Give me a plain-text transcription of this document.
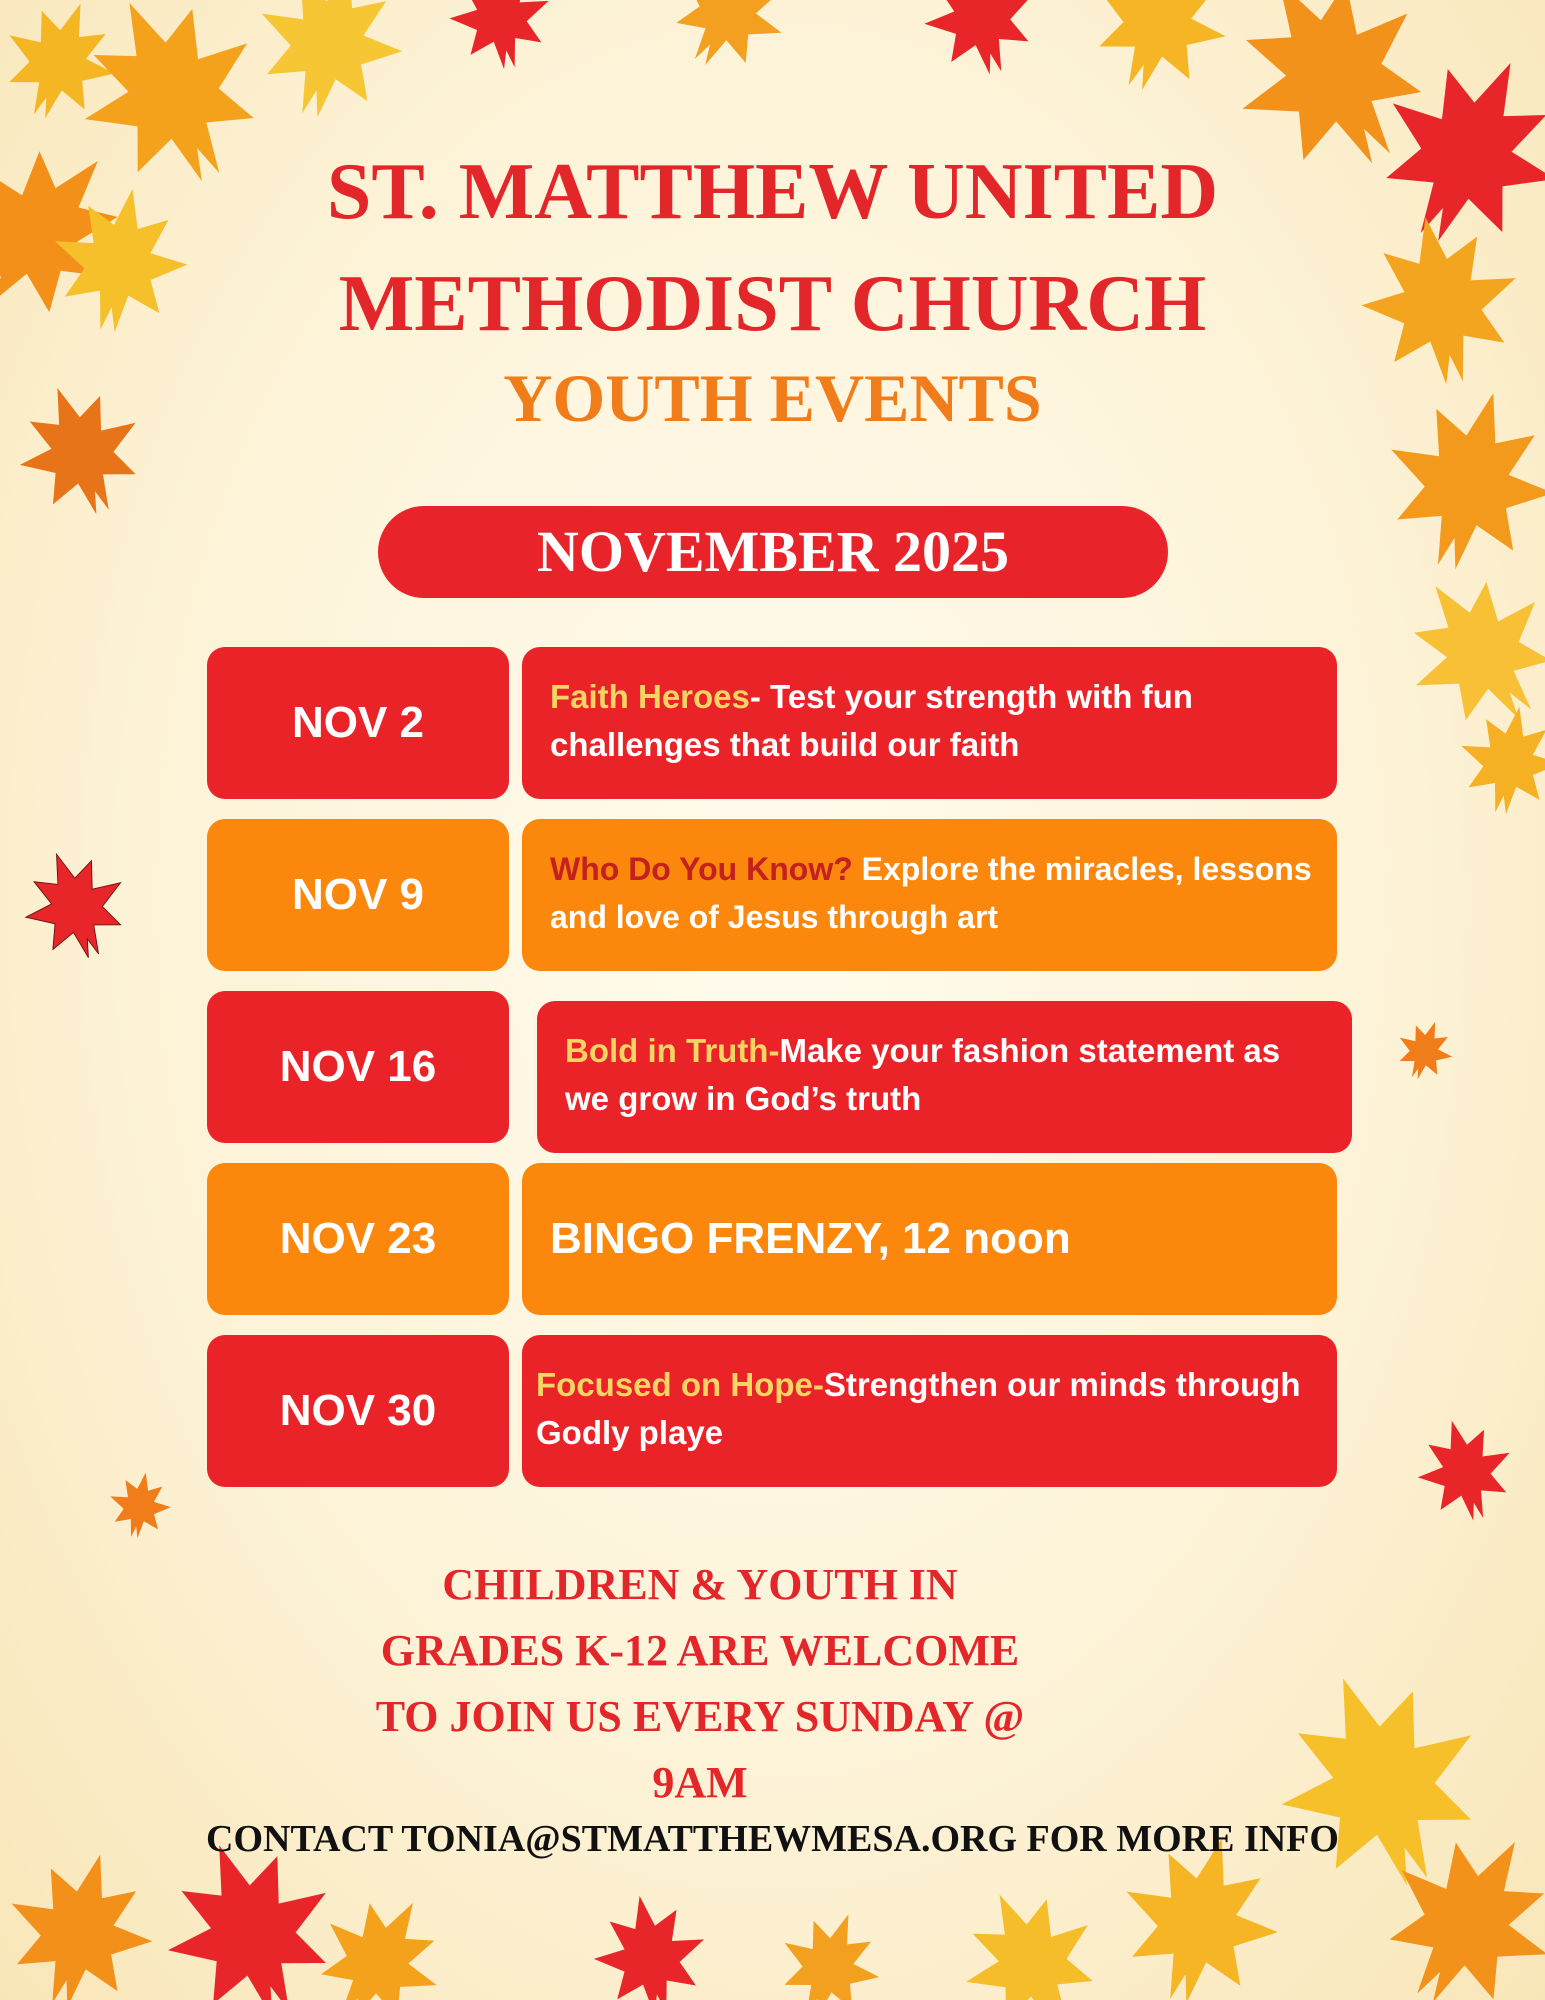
ST. MATTHEW UNITED
METHODIST CHURCH
YOUTH EVENTS
NOVEMBER 2025
NOV 2
Faith Heroes- Test your strength with fun challenges that build our faith
NOV 9
Who Do You Know? Explore the miracles, lessons and love of Jesus through art
NOV 16	Bold in Truth-Make your fashion statement as we grow in God’s truth
NOV 23	BINGO FRENZY, 12 noon
NOV 30
Focused on Hope-Strengthen our minds through Godly playe
CHILDREN & YOUTH IN
GRADES K-12 ARE WELCOME
TO JOIN US EVERY SUNDAY @
9AM
CONTACT TONIA@STMATTHEWMESA.ORG FOR MORE INFO
